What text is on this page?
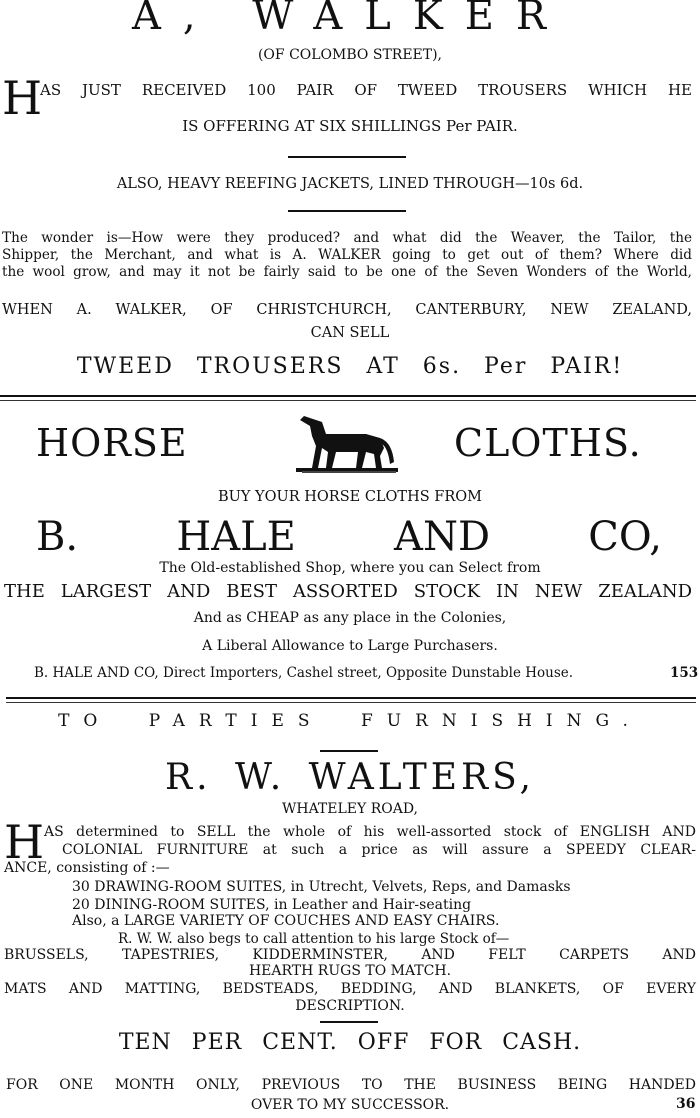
A, WALKER
(OF COLOMBO STREET),
H
AS JUST RECEIVED 100 PAIR OF TWEED TROUSERS WHICH HE
IS OFFERING AT SIX SHILLINGS Per PAIR.
ALSO, HEAVY REEFING JACKETS, LINED THROUGH—10s 6d.
The wonder is—How were they produced? and what did the Weaver, the Tailor, the
Shipper, the Merchant, and what is A. WALKER going to get out of them? Where did
the wool grow, and may it not be fairly said to be one of the Seven Wonders of the World,
WHEN A. WALKER, OF CHRISTCHURCH, CANTERBURY, NEW ZEALAND,
CAN SELL
TWEED TROUSERS AT 6s. Per PAIR!
HORSE	CLOTHS.
BUY YOUR HORSE CLOTHS FROM
B. HALE AND CO,
The Old-established Shop, where you can Select from
THE LARGEST AND BEST ASSORTED STOCK IN NEW ZEALAND
And as CHEAP as any place in the Colonies,
A Liberal Allowance to Large Purchasers.
B. HALE AND CO, Direct Importers, Cashel street, Opposite Dunstable House.	153
TO PARTIES FURNISHING.
R. W. WALTERS,
WHATELEY ROAD,
H AS determined to SELL the whole of his well-assorted stock of ENGLISH AND
COLONIAL FURNITURE at such a price as will assure a SPEEDY CLEAR-
ANCE, consisting of :—
30 DRAWING-ROOM SUITES, in Utrecht, Velvets, Reps, and Damasks
20 DINING-ROOM SUITES, in Leather and Hair-seating
Also, a LARGE VARIETY OF COUCHES AND EASY CHAIRS.
R. W. W. also begs to call attention to his large Stock of—
BRUSSELS, TAPESTRIES, KIDDERMINSTER, AND FELT CARPETS AND
HEARTH RUGS TO MATCH.
MATS AND MATTING, BEDSTEADS, BEDDING, AND BLANKETS, OF EVERY
DESCRIPTION.
TEN PER CENT. OFF FOR CASH.
FOR ONE MONTH ONLY, PREVIOUS TO THE BUSINESS BEING HANDED
OVER TO MY SUCCESSOR.	36
